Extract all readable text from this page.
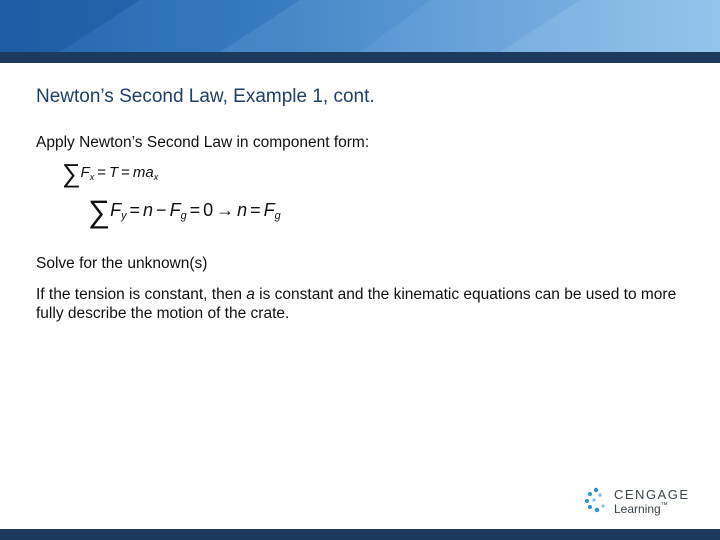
Newton’s Second Law, Example 1, cont.
Apply Newton’s Second Law in component form:
$\sum F_x = T = ma_x$
$\sum F_y = n - F_g = 0 \to n = F_g$
Solve for the unknown(s)
If the tension is constant, then a is constant and the kinematic equations can be used to more fully describe the motion of the crate.
CENGAGE
Learning™
